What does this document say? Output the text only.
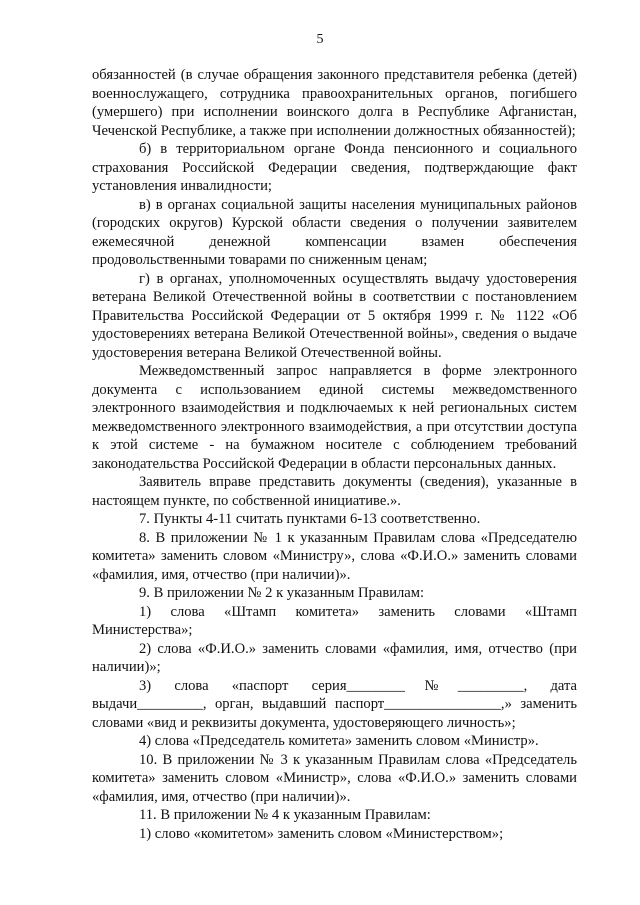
5

обязанностей (в случае обращения законного представителя ребенка (детей) военнослужащего, сотрудника правоохранительных органов, погибшего (умершего) при исполнении воинского долга в Республике Афганистан, Чеченской Республике, а также при исполнении должностных обязанностей);

б) в территориальном органе Фонда пенсионного и социального страхования Российской Федерации сведения, подтверждающие факт установления инвалидности;

в) в органах социальной защиты населения муниципальных районов (городских округов) Курской области сведения о получении заявителем ежемесячной денежной компенсации взамен обеспечения продовольственными товарами по сниженным ценам;

г) в органах, уполномоченных осуществлять выдачу удостоверения ветерана Великой Отечественной войны в соответствии с постановлением Правительства Российской Федерации от 5 октября 1999 г. № 1122 «Об удостоверениях ветерана Великой Отечественной войны», сведения о выдаче удостоверения ветерана Великой Отечественной войны.

Межведомственный запрос направляется в форме электронного документа с использованием единой системы межведомственного электронного взаимодействия и подключаемых к ней региональных систем межведомственного электронного взаимодействия, а при отсутствии доступа к этой системе - на бумажном носителе с соблюдением требований законодательства Российской Федерации в области персональных данных.

Заявитель вправе представить документы (сведения), указанные в настоящем пункте, по собственной инициативе.».

7. Пункты 4-11 считать пунктами 6-13 соответственно.

8. В приложении № 1 к указанным Правилам слова «Председателю комитета» заменить словом «Министру», слова «Ф.И.О.» заменить словами «фамилия, имя, отчество (при наличии)».

9. В приложении № 2 к указанным Правилам:

1) слова «Штамп комитета» заменить словами «Штамп Министерства»;

2) слова «Ф.И.О.» заменить словами «фамилия, имя, отчество (при наличии)»;

3) слова «паспорт серия________№_________, дата выдачи_________, орган, выдавший паспорт________________,» заменить словами «вид и реквизиты документа, удостоверяющего личность»;

4) слова «Председатель комитета» заменить словом «Министр».

10. В приложении № 3 к указанным Правилам слова «Председатель комитета» заменить словом «Министр», слова «Ф.И.О.» заменить словами «фамилия, имя, отчество (при наличии)».

11. В приложении № 4 к указанным Правилам:

1) слово «комитетом» заменить словом «Министерством»;
